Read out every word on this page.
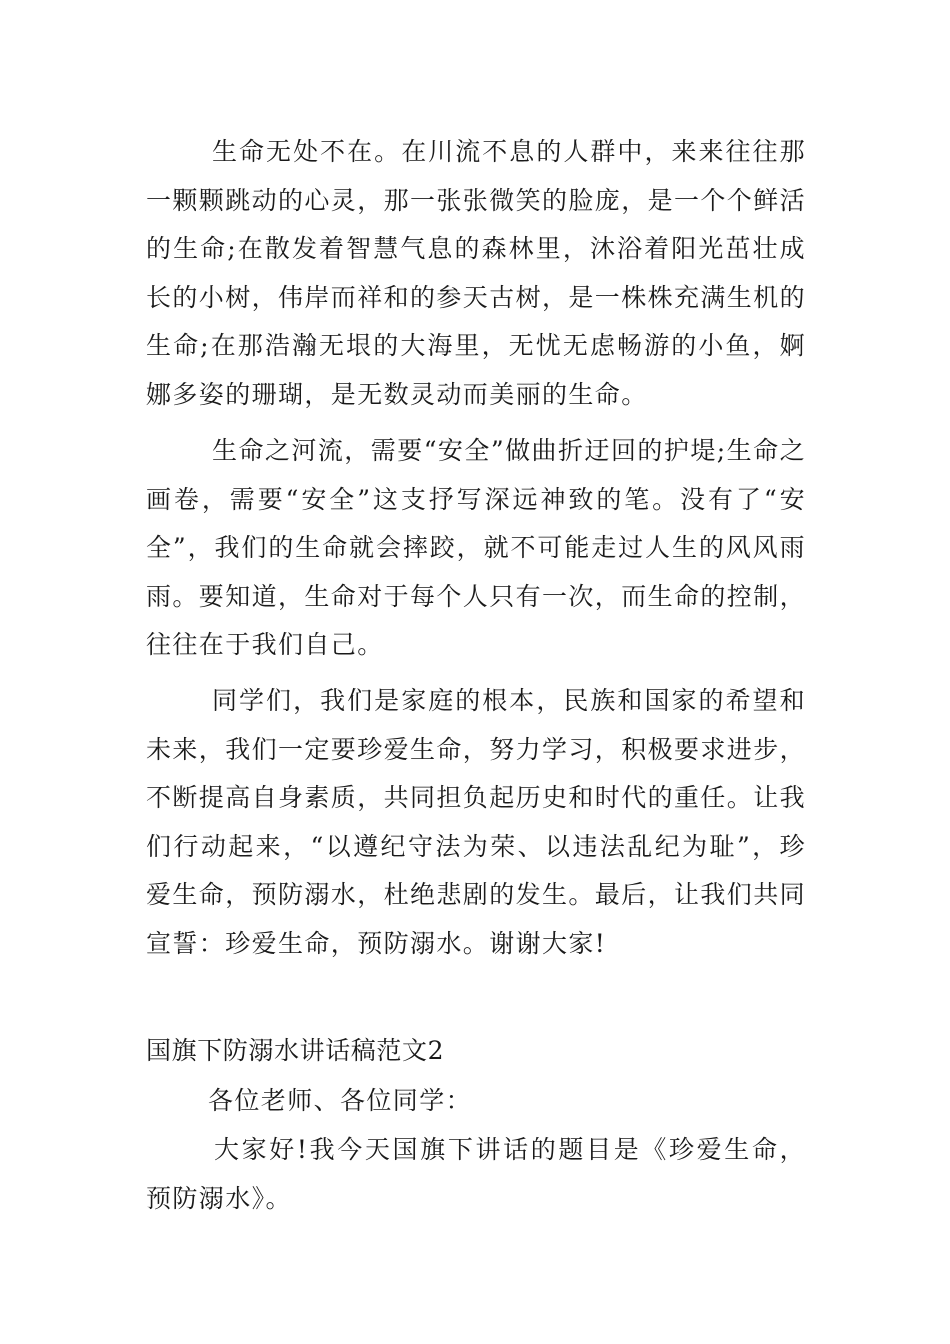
生命无处不在。在川流不息的人群中，来来往往那一颗颗跳动的心灵，那一张张微笑的脸庞，是一个个鲜活的生命;在散发着智慧气息的森林里，沐浴着阳光茁壮成长的小树，伟岸而祥和的参天古树，是一株株充满生机的生命;在那浩瀚无垠的大海里，无忧无虑畅游的小鱼，婀娜多姿的珊瑚，是无数灵动而美丽的生命。

生命之河流，需要“安全”做曲折迂回的护堤;生命之画卷，需要“安全”这支抒写深远神致的笔。没有了“安全”，我们的生命就会摔跤，就不可能走过人生的风风雨雨。要知道，生命对于每个人只有一次，而生命的控制，往往在于我们自己。

同学们，我们是家庭的根本，民族和国家的希望和未来，我们一定要珍爱生命，努力学习，积极要求进步，不断提高自身素质，共同担负起历史和时代的重任。让我们行动起来，“以遵纪守法为荣、以违法乱纪为耻”，珍爱生命，预防溺水，杜绝悲剧的发生。最后，让我们共同宣誓：珍爱生命，预防溺水。谢谢大家!

国旗下防溺水讲话稿范文2

各位老师、各位同学：

大家好!我今天国旗下讲话的题目是《珍爱生命，预防溺水》。
